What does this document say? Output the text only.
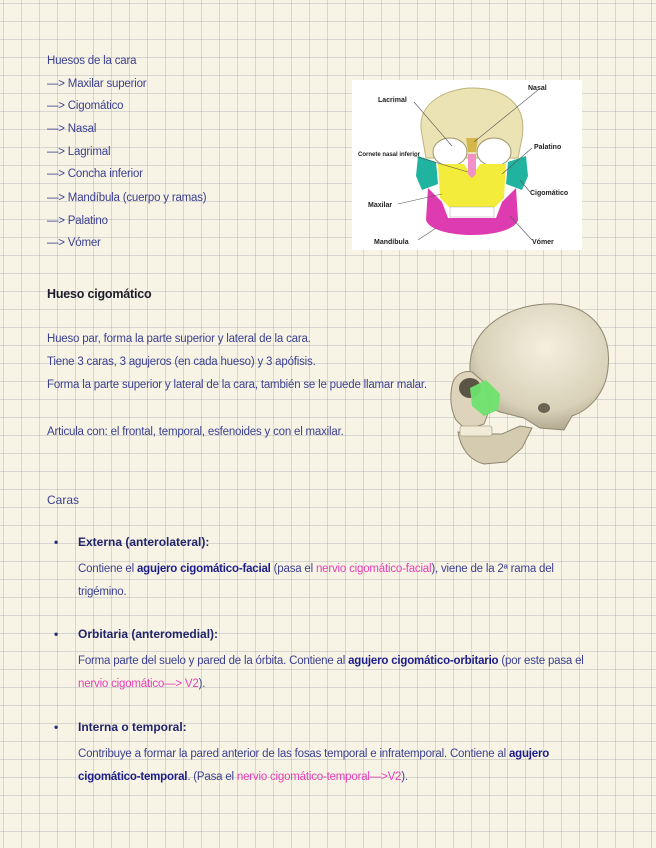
Huesos de la cara
—> Maxilar superior
—> Cigomático
—> Nasal
—> Lagrimal
—> Concha inferior
—> Mandíbula (cuerpo y ramas)
—> Palatino
—> Vómer
Lacrimal
Nasal
Cornete nasal inferior
Palatino
Cigomático
Maxilar
Mandíbula	Vómer
Hueso cigomático
Hueso par, forma la parte superior y lateral de la cara.
Tiene 3 caras, 3 agujeros (en cada hueso) y 3 apófisis.
Forma la parte superior y lateral de la cara, también se le puede llamar malar.
Articula con: el frontal, temporal, esfenoides y con el maxilar.
Caras
• Externa (anterolateral):
Contiene el agujero cigomático-facial (pasa el nervio cigomático-facial), viene de la 2ª rama del trigémino.
• Orbitaria (anteromedial):
Forma parte del suelo y pared de la órbita. Contiene al agujero cigomático-orbitario (por este pasa el nervio cigomático—> V2).
• Interna o temporal:
Contribuye a formar la pared anterior de las fosas temporal e infratemporal. Contiene al agujero cigomático-temporal. (Pasa el nervio cigomático-temporal—>V2).
